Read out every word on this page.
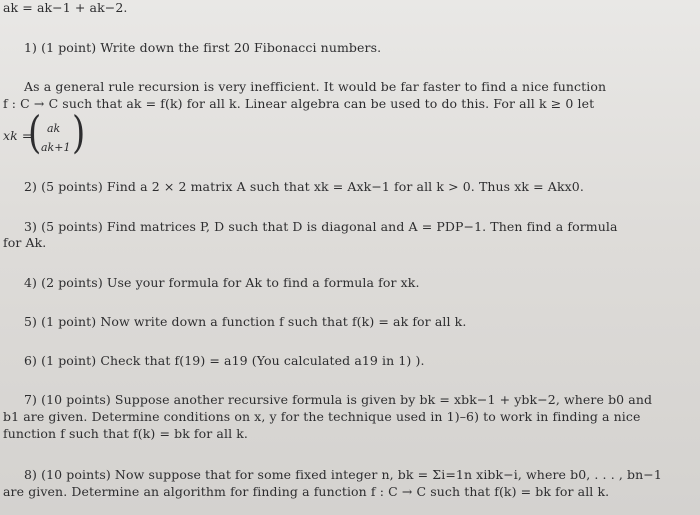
ak = ak−1 + ak−2.
1) (1 point) Write down the first 20 Fibonacci numbers.
As a general rule recursion is very inefficient. It would be far faster to find a nice function
f : C → C such that ak = f(k) for all k. Linear algebra can be used to do this. For all k ≥ 0 let
xk =
( ak
ak+1 )
2) (5 points) Find a 2 × 2 matrix A such that xk = Axk−1 for all k > 0. Thus xk = Akx0.
3) (5 points) Find matrices P, D such that D is diagonal and A = PDP−1. Then find a formula
for Ak.
4) (2 points) Use your formula for Ak to find a formula for xk.
5) (1 point) Now write down a function f such that f(k) = ak for all k.
6) (1 point) Check that f(19) = a19 (You calculated a19 in 1) ).
7) (10 points) Suppose another recursive formula is given by bk = xbk−1 + ybk−2, where b0 and
b1 are given. Determine conditions on x, y for the technique used in 1)–6) to work in finding a nice
function f such that f(k) = bk for all k.
8) (10 points) Now suppose that for some fixed integer n, bk = Σi=1n xibk−i, where b0, . . . , bn−1
are given. Determine an algorithm for finding a function f : C → C such that f(k) = bk for all k.
